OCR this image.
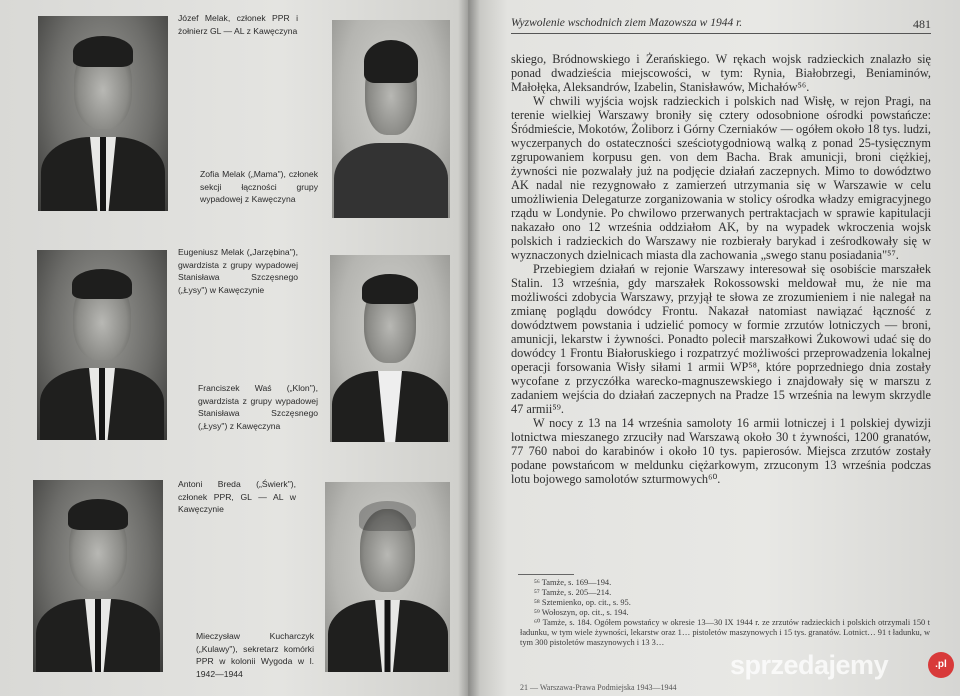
Józef Melak, członek PPR i żołnierz GL — AL z Kawęczyna
Zofia Melak („Mama"), członek sekcji łączności grupy wypadowej z Kawęczyna
Eugeniusz Melak („Jarzębina"), gwardzista z grupy wypadowej Stanisława Szczęsnego („Łysy") w Kawęczynie
Franciszek Waś („Klon"), gwardzista z grupy wypadowej Stanisława Szczęsnego („Łysy") z Kawęczyna
Antoni Breda („Świerk"), członek PPR, GL — AL w Kawęczynie
Mieczysław Kucharczyk („Kulawy"), sekretarz komórki PPR w kolonii Wygoda w l. 1942—1944
Wyzwolenie wschodnich ziem Mazowsza w 1944 r.	481

skiego, Bródnowskiego i Żerańskiego. W rękach wojsk radzieckich znalazło się ponad dwadzieścia miejscowości, w tym: Rynia, Białobrzegi, Beniaminów, Małołęka, Aleksandrów, Izabelin, Stanisławów, Michałów⁵⁶.

W chwili wyjścia wojsk radzieckich i polskich nad Wisłę, w rejon Pragi, na terenie wielkiej Warszawy broniły się cztery odosobnione ośrodki powstańcze: Śródmieście, Mokotów, Żoliborz i Górny Czerniaków — ogółem około 18 tys. ludzi, wyczerpanych do ostateczności sześciotygodniową walką z ponad 25-tysięcznym zgrupowaniem korpusu gen. von dem Bacha. Brak amunicji, broni ciężkiej, żywności nie pozwalały już na podjęcie działań zaczepnych. Mimo to dowództwo AK nadal nie rezygnowało z zamierzeń utrzymania się w Warszawie w celu umożliwienia Delegaturze zorganizowania w stolicy ośrodka władzy emigracyjnego rządu w Londynie. Po chwilowo przerwanych pertraktacjach w sprawie kapitulacji nakazało ono 12 września oddziałom AK, by na wypadek wkroczenia wojsk polskich i radzieckich do Warszawy nie rozbierały barykad i ześrodkowały się w wyznaczonych dzielnicach miasta dla zachowania „swego stanu posiadania"⁵⁷.

Przebiegiem działań w rejonie Warszawy interesował się osobiście marszałek Stalin. 13 września, gdy marszałek Rokossowski meldował mu, że nie ma możliwości zdobycia Warszawy, przyjął te słowa ze zrozumieniem i nie nalegał na zmianę poglądu dowódcy Frontu. Nakazał natomiast nawiązać łączność z dowództwem powstania i udzielić pomocy w formie zrzutów lotniczych — broni, amunicji, lekarstw i żywności. Ponadto polecił marszałkowi Żukowowi udać się do dowódcy 1 Frontu Białoruskiego i rozpatrzyć możliwości przeprowadzenia lokalnej operacji forsowania Wisły siłami 1 armii WP⁵⁸, które poprzedniego dnia zostały wycofane z przyczółka warecko-magnuszewskiego i znajdowały się w marszu z zadaniem wejścia do działań zaczepnych na Pradze 15 września na lewym skrzydle 47 armii⁵⁹.

W nocy z 13 na 14 września samoloty 16 armii lotniczej i 1 polskiej dywizji lotnictwa mieszanego zrzuciły nad Warszawą około 30 t żywności, 1200 granatów, 77 760 naboi do karabinów i około 10 tys. papierosów. Miejsca zrzutów zostały podane powstańcom w meldunku ciężarkowym, zrzuconym 13 września podczas lotu bojowego samolotów szturmowych⁶⁰.

⁵⁶ Tamże, s. 169—194.
⁵⁷ Tamże, s. 205—214.
⁵⁸ Sztemienko, op. cit., s. 95.
⁵⁹ Wołoszyn, op. cit., s. 194.
⁶⁰ Tamże, s. 184. Ogółem powstańcy w okresie 13—30 IX 1944 r. ze zrzutów radzieckich i polskich otrzymali 150 t ładunku, w tym wiele żywności, lekarstw oraz 1… pistoletów maszynowych i 15 tys. granatów. Lotnict… 91 t ładunku, w tym 300 pistoletów maszynowych i 13 3…
21 — Warszawa-Prawa Podmiejska 1943—1944
sprzedajemy	.pl
